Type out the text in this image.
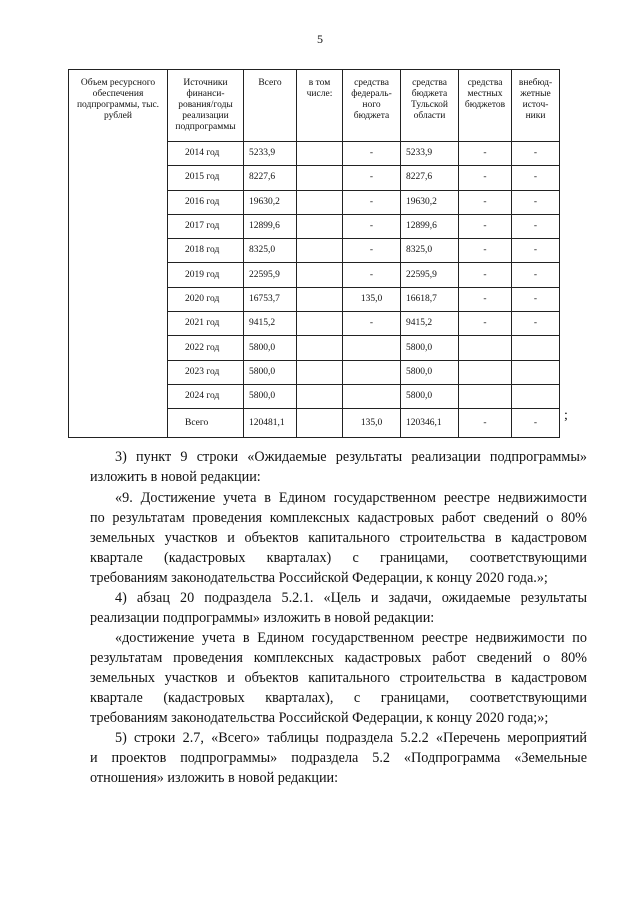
5
Объем ресурсного обеспечения подпрограммы, тыс. рублей	Источники финанси-рования/годы реализации подпрограммы	Всего	в том числе:	средства федераль-ного бюджета	средства бюджета Тульской области	средства местных бюджетов	внебюд-жетные источ-ники
	2014 год	5233,9		-	5233,9	-	-
	2015 год	8227,6		-	8227,6	-	-
	2016 год	19630,2		-	19630,2	-	-
	2017 год	12899,6		-	12899,6	-	-
	2018 год	8325,0		-	8325,0	-	-
	2019 год	22595,9		-	22595,9	-	-
	2020 год	16753,7		135,0	16618,7	-	-
	2021 год	9415,2		-	9415,2	-	-
	2022 год	5800,0			5800,0		
	2023 год	5800,0			5800,0		
	2024 год	5800,0			5800,0		
	Всего	120481,1		135,0	120346,1	-	- ;

3) пункт 9 строки «Ожидаемые результаты реализации подпрограммы»

изложить в новой редакции:

«9. Достижение учета в Едином государственном реестре недвижимости

по результатам проведения комплексных кадастровых работ сведений о 80%

земельных участков и объектов капитального строительства в кадастровом

квартале (кадастровых кварталах) с границами, соответствующими

требованиям законодательства Российской Федерации, к концу 2020 года.»;

4) абзац 20 подраздела 5.2.1. «Цель и задачи, ожидаемые результаты

реализации подпрограммы» изложить в новой редакции:

«достижение учета в Едином государственном реестре недвижимости по

результатам проведения комплексных кадастровых работ сведений о 80%

земельных участков и объектов капитального строительства в кадастровом

квартале (кадастровых кварталах), с границами, соответствующими

требованиям законодательства Российской Федерации, к концу 2020 года;»;

5) строки 2.7, «Всего» таблицы подраздела 5.2.2 «Перечень мероприятий

и проектов подпрограммы» подраздела 5.2 «Подпрограмма «Земельные

отношения» изложить в новой редакции:
